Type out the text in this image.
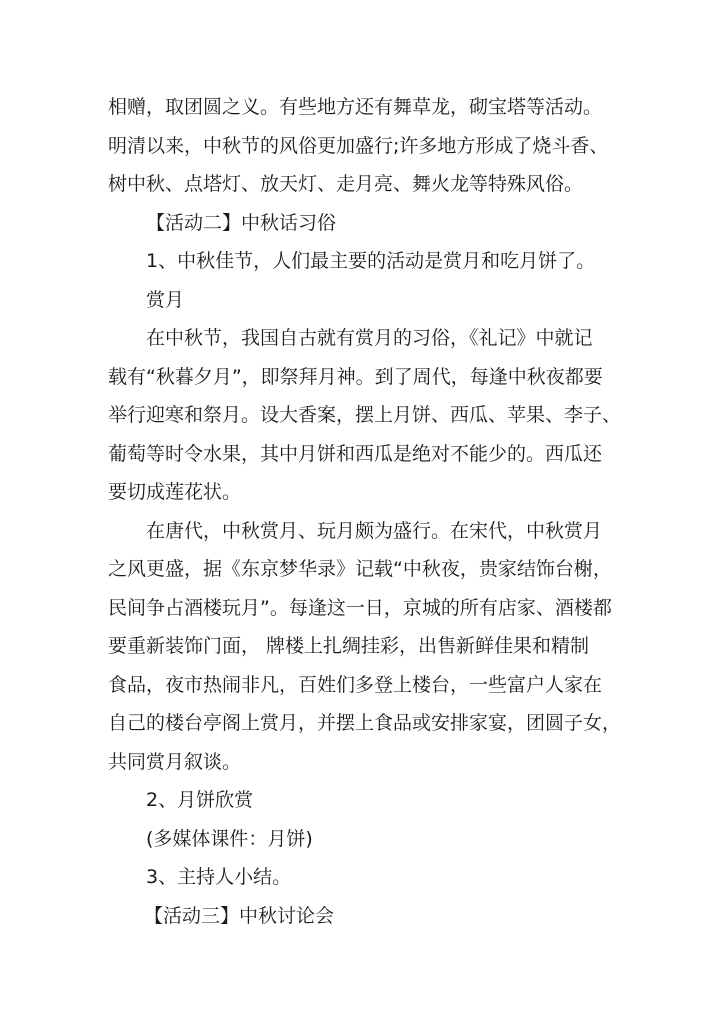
相赠，取团圆之义。有些地方还有舞草龙，砌宝塔等活动。
明清以来，中秋节的风俗更加盛行;许多地方形成了烧斗香、
树中秋、点塔灯、放天灯、走月亮、舞火龙等特殊风俗。
【活动二】中秋话习俗
1、中秋佳节，人们最主要的活动是赏月和吃月饼了。
赏月
在中秋节，我国自古就有赏月的习俗，《礼记》中就记
载有“秋暮夕月”，即祭拜月神。到了周代，每逢中秋夜都要
举行迎寒和祭月。设大香案，摆上月饼、西瓜、苹果、李子、
葡萄等时令水果，其中月饼和西瓜是绝对不能少的。西瓜还
要切成莲花状。
在唐代，中秋赏月、玩月颇为盛行。在宋代，中秋赏月
之风更盛，据《东京梦华录》记载“中秋夜，贵家结饰台榭，
民间争占酒楼玩月”。每逢这一日，京城的所有店家、酒楼都
要重新装饰门面， 牌楼上扎绸挂彩，出售新鲜佳果和精制
食品，夜市热闹非凡，百姓们多登上楼台，一些富户人家在
自己的楼台亭阁上赏月，并摆上食品或安排家宴，团圆子女，
共同赏月叙谈。
2、月饼欣赏
(多媒体课件：月饼)
3、主持人小结。
【活动三】中秋讨论会
